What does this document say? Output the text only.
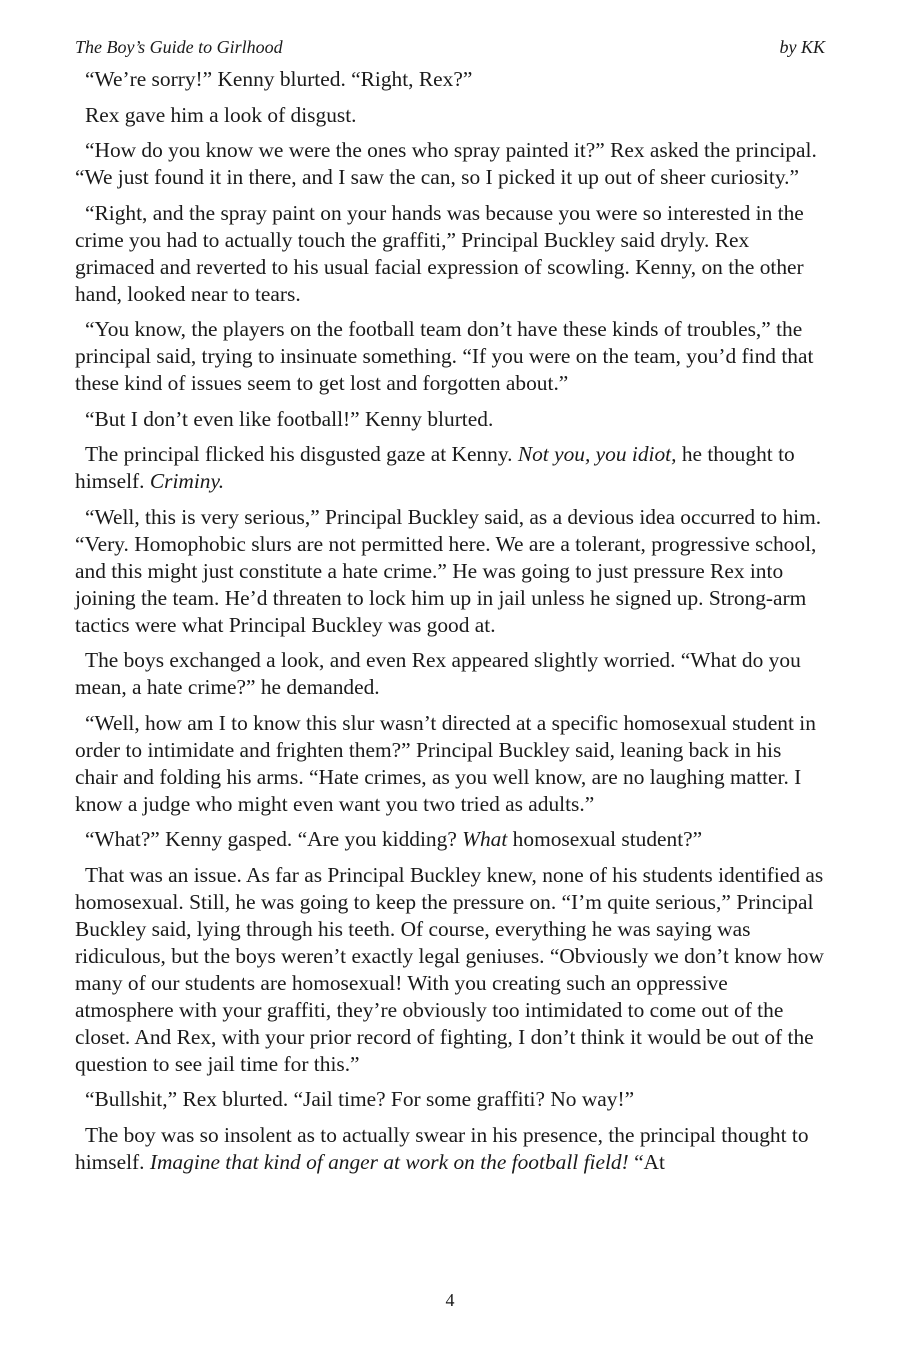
The Boy’s Guide to Girlhood	by KK

“We’re sorry!” Kenny blurted. “Right, Rex?”

Rex gave him a look of disgust.

“How do you know we were the ones who spray painted it?” Rex asked the principal. “We just found it in there, and I saw the can, so I picked it up out of sheer curiosity.”

“Right, and the spray paint on your hands was because you were so interested in the crime you had to actually touch the graffiti,” Principal Buckley said dryly. Rex grimaced and reverted to his usual facial expression of scowling. Kenny, on the other hand, looked near to tears.

“You know, the players on the football team don’t have these kinds of troubles,” the principal said, trying to insinuate something. “If you were on the team, you’d find that these kind of issues seem to get lost and forgotten about.”

“But I don’t even like football!” Kenny blurted.

The principal flicked his disgusted gaze at Kenny. Not you, you idiot, he thought to himself. Criminy.

“Well, this is very serious,” Principal Buckley said, as a devious idea occurred to him. “Very. Homophobic slurs are not permitted here. We are a tolerant, progressive school, and this might just constitute a hate crime.” He was going to just pressure Rex into joining the team. He’d threaten to lock him up in jail unless he signed up. Strong-arm tactics were what Principal Buckley was good at.

The boys exchanged a look, and even Rex appeared slightly worried. “What do you mean, a hate crime?” he demanded.

“Well, how am I to know this slur wasn’t directed at a specific homosexual student in order to intimidate and frighten them?” Principal Buckley said, leaning back in his chair and folding his arms. “Hate crimes, as you well know, are no laughing matter. I know a judge who might even want you two tried as adults.”

“What?” Kenny gasped. “Are you kidding? What homosexual student?”

That was an issue. As far as Principal Buckley knew, none of his students identified as homosexual. Still, he was going to keep the pressure on. “I’m quite serious,” Principal Buckley said, lying through his teeth. Of course, everything he was saying was ridiculous, but the boys weren’t exactly legal geniuses. “Obviously we don’t know how many of our students are homosexual! With you creating such an oppressive atmosphere with your graffiti, they’re obviously too intimidated to come out of the closet. And Rex, with your prior record of fighting, I don’t think it would be out of the question to see jail time for this.”

“Bullshit,” Rex blurted. “Jail time? For some graffiti? No way!”

The boy was so insolent as to actually swear in his presence, the principal thought to himself. Imagine that kind of anger at work on the football field! “At

4
